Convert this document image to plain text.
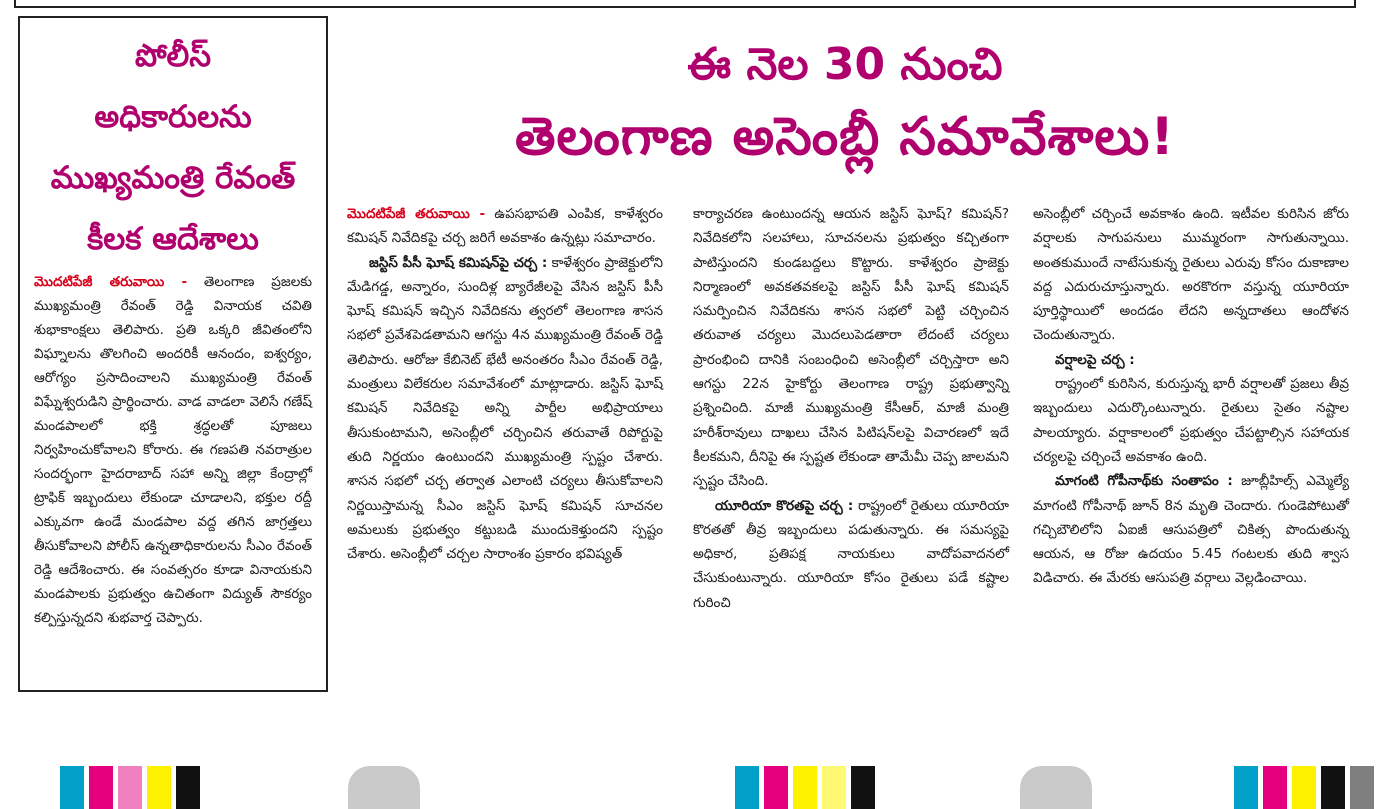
పోలీస్

అధికారులను

ముఖ్యమంత్రి రేవంత్

కీలక ఆదేశాలు

మొదటిపేజీ తరువాయి - తెలంగాణ ప్రజలకు ముఖ్యమంత్రి రేవంత్ రెడ్డి వినాయక చవితి శుభాకాంక్షలు తెలిపారు. ప్రతి ఒక్కరి జీవితంలోని విఘ్నాలను తొలగించి అందరికీ ఆనందం, ఐశ్వర్యం, ఆరోగ్యం ప్రసాదించాలని ముఖ్యమంత్రి రేవంత్ విఘ్నేశ్వరుడిని ప్రార్థించారు. వాడ వాడలా వెలిసే గణేష్ మండపాలలో భక్తి శ్రద్ధలతో పూజలు నిర్వహించుకోవాలని కోరారు. ఈ గణపతి నవరాత్రుల సందర్భంగా హైదరాబాద్ సహా అన్ని జిల్లా కేంద్రాల్లో ట్రాఫిక్ ఇబ్బందులు లేకుండా చూడాలని, భక్తుల రద్దీ ఎక్కువగా ఉండే మండపాల వద్ద తగిన జాగ్రత్తలు తీసుకోవాలని పోలీస్ ఉన్నతాధికారులను సీఎం రేవంత్ రెడ్డి ఆదేశించారు. ఈ సంవత్సరం కూడా వినాయకుని మండపాలకు ప్రభుత్వం ఉచితంగా విద్యుత్ సౌకర్యం కల్పిస్తున్నదని శుభవార్త చెప్పారు.

ఈ నెల 30 నుంచి
తెలంగాణ అసెంబ్లీ సమావేశాలు!

మొదటిపేజీ తరువాయి - ఉపసభాపతి ఎంపిక, కాళేశ్వరం కమిషన్ నివేదికపై చర్చ జరిగే అవకాశం ఉన్నట్లు సమాచారం.

జస్టిస్ పీసీ ఘోష్ కమిషన్‌పై చర్చ : కాళేశ్వరం ప్రాజెక్టులోని మేడిగడ్డ, అన్నారం, సుందిళ్ల బ్యారేజీలపై వేసిన జస్టిస్ పీసీ ఘోష్ కమిషన్ ఇచ్చిన నివేదికను త్వరలో తెలంగాణ శాసన సభలో ప్రవేశపెడతామని ఆగస్టు 4న ముఖ్యమంత్రి రేవంత్ రెడ్డి తెలిపారు. ఆరోజు కేబినెట్ భేటీ అనంతరం సీఎం రేవంత్ రెడ్డి, మంత్రులు విలేకరుల సమావేశంలో మాట్లాడారు. జస్టిస్ ఘోష్ కమిషన్ నివేదికపై అన్ని పార్టీల అభిప్రాయాలు తీసుకుంటామని, అసెంబ్లీలో చర్చించిన తరువాతే రిపోర్టుపై తుది నిర్ణయం ఉంటుందని ముఖ్యమంత్రి స్పష్టం చేశారు. శాసన సభలో చర్చ తర్వాత ఎలాంటి చర్యలు తీసుకోవాలని నిర్ణయిస్తామన్న సీఎం జస్టిస్ ఘోష్ కమిషన్ సూచనల అమలుకు ప్రభుత్వం కట్టుబడి ముందుకెళ్తుందని స్పష్టం చేశారు. అసెంబ్లీలో చర్చల సారాంశం ప్రకారం భవిష్యత్

కార్యాచరణ ఉంటుందన్న ఆయన జస్టిస్ ఘోష్? కమిషన్? నివేదికలోని సలహాలు, సూచనలను ప్రభుత్వం కచ్చితంగా పాటిస్తుందని కుండబద్దలు కొట్టారు. కాళేశ్వరం ప్రాజెక్టు నిర్మాణంలో అవకతవకలపై జస్టిస్ పీసీ ఘోష్ కమిషన్ సమర్పించిన నివేదికను శాసన సభలో పెట్టి చర్చించిన తరువాత చర్యలు మొదలుపెడతారా లేదంటే చర్యలు ప్రారంభించి దానికి సంబంధించి అసెంబ్లీలో చర్చిస్తారా అని ఆగస్టు 22న హైకోర్టు తెలంగాణ రాష్ట్ర ప్రభుత్వాన్ని ప్రశ్నించింది. మాజీ ముఖ్యమంత్రి కేసీఆర్, మాజీ మంత్రి హరీశ్‌రావులు దాఖలు చేసిన పిటిషన్‌లపై విచారణలో ఇదే కీలకమని, దీనిపై ఈ స్పష్టత లేకుండా తామేమీ చెప్ప జాలమని స్పష్టం చేసింది.

యూరియా కొరతపై చర్చ : రాష్ట్రంలో రైతులు యూరియా కొరతతో తీవ్ర ఇబ్బందులు పడుతున్నారు. ఈ సమస్యపై అధికార, ప్రతిపక్ష నాయకులు వాదోపవాదనలో చేసుకుంటున్నారు. యూరియా కోసం రైతులు పడే కష్టాల గురించి

అసెంబ్లీలో చర్చించే అవకాశం ఉంది. ఇటీవల కురిసిన జోరు వర్షాలకు సాగుపనులు ముమ్మరంగా సాగుతున్నాయి. అంతకుముందే నాటేసుకున్న రైతులు ఎరువు కోసం దుకాణాల వద్ద ఎదురుచూస్తున్నారు. అరకొరగా వస్తున్న యూరియా పూర్తిస్థాయిలో అందడం లేదని అన్నదాతలు ఆందోళన చెందుతున్నారు.

వర్షాలపై చర్చ :

రాష్ట్రంలో కురిసిన, కురుస్తున్న భారీ వర్షాలతో ప్రజలు తీవ్ర ఇబ్బందులు ఎదుర్కొంటున్నారు. రైతులు సైతం నష్టాల పాలయ్యారు. వర్షాకాలంలో ప్రభుత్వం చేపట్టాల్సిన సహాయక చర్యలపై చర్చించే అవకాశం ఉంది.

మాగంటి గోపీనాథ్‌కు సంతాపం : జూబ్లీహిల్స్ ఎమ్మెల్యే మాగంటి గోపీనాథ్ జూన్ 8న మృతి చెందారు. గుండెపోటుతో గచ్చిబౌలిలోని ఏఐజీ ఆసుపత్రిలో చికిత్స పొందుతున్న ఆయన, ఆ రోజు ఉదయం 5.45 గంటలకు తుది శ్వాస విడిచారు. ఈ మేరకు ఆసుపత్రి వర్గాలు వెల్లడించాయి.
